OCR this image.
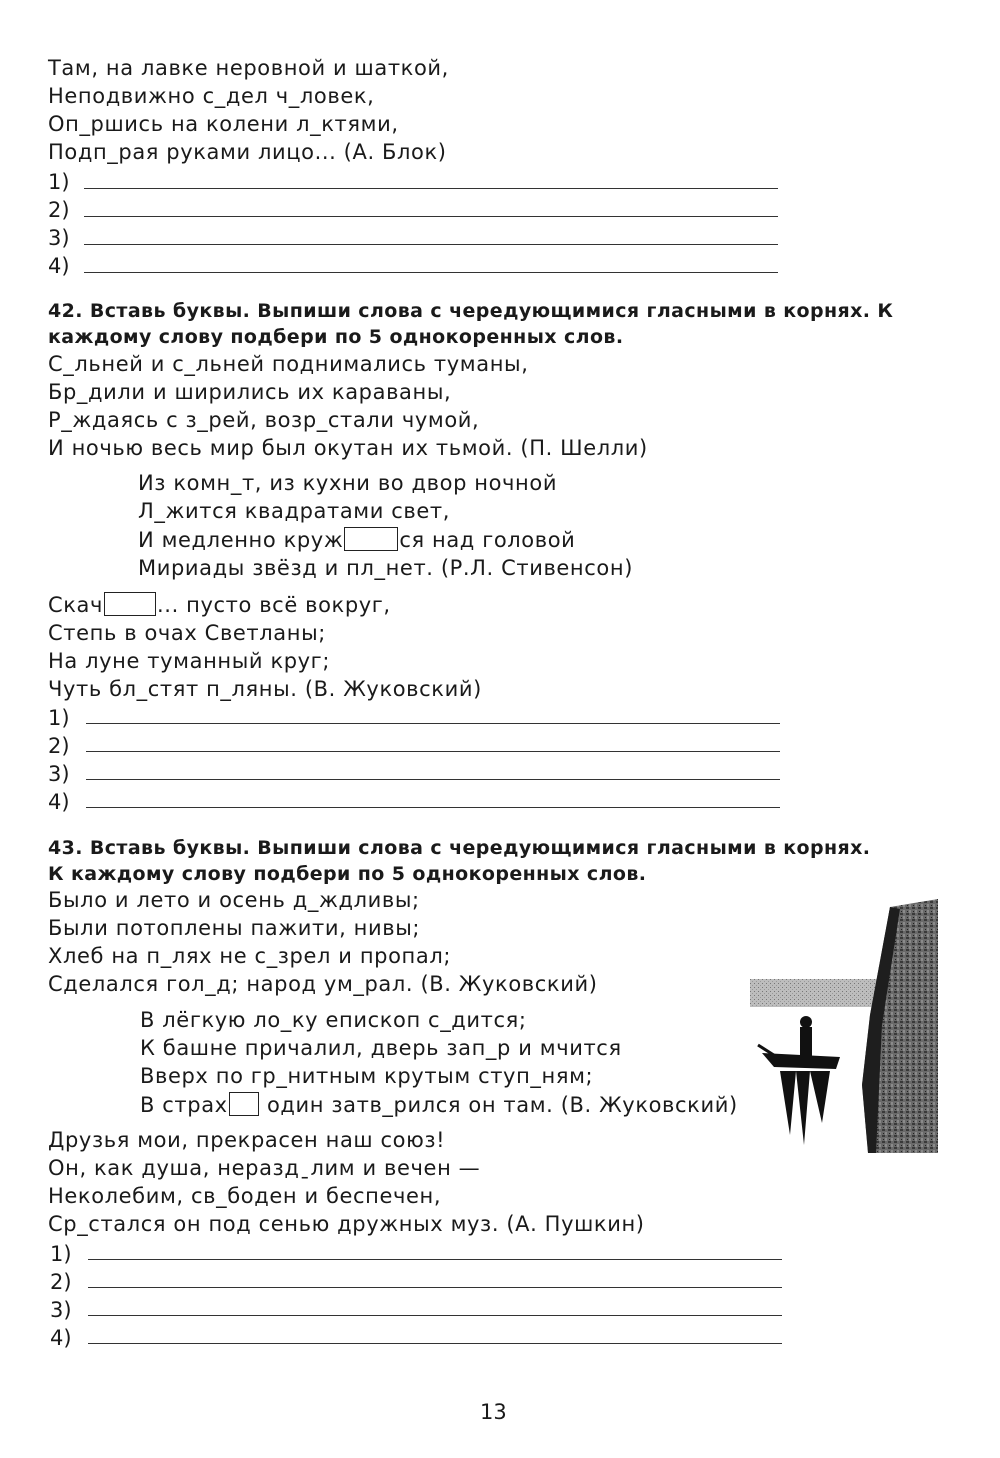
Там, на лавке неровной и шаткой,
Неподвижно с_дел ч_ловек,
Оп_ршись на колени л_ктями,
Подп_рая руками лицо... (А. Блок)
1)
2)
3)
4)
42. Вставь буквы. Выпиши слова с чередующимися гласными в корнях. К
каждому слову подбери по 5 однокоренных слов.
С_льней и с_льней поднимались туманы,
Бр_дили и ширились их караваны,
Р_ждаясь с з_рей, возр_стали чумой,
И ночью весь мир был окутан их тьмой. (П. Шелли)
Из комн_т, из кухни во двор ночной
Л_жится квадратами свет,
И медленно круж	ся над головой
Мириады звёзд и пл_нет. (Р.Л. Стивенсон)
Скач	... пусто всё вокруг,
Степь в очах Светланы;
На луне туманный круг;
Чуть бл_стят п_ляны. (В. Жуковский)
1)
2)
3)
4)
43. Вставь буквы. Выпиши слова с чередующимися гласными в корнях.
К каждому слову подбери по 5 однокоренных слов.
Было и лето и осень д_ждливы;
Были потоплены пажити, нивы;
Хлеб на п_лях не с_зрел и пропал;
Сделался гол_д; народ ум_рал. (В. Жуковский)
В лёгкую ло_ку епископ с_дится;
К башне причалил, дверь зап_р и мчится
Вверх по гр_нитным крутым ступ_ням;
В страх один затв_рился он там. (В. Жуковский)
Друзья мои, прекрасен наш союз!
Он, как душа, нераздˍлим и вечен —
Неколебим, св_боден и беспечен,
Ср_стался он под сенью дружных муз. (А. Пушкин)
1)
2)
3)
4)
13
